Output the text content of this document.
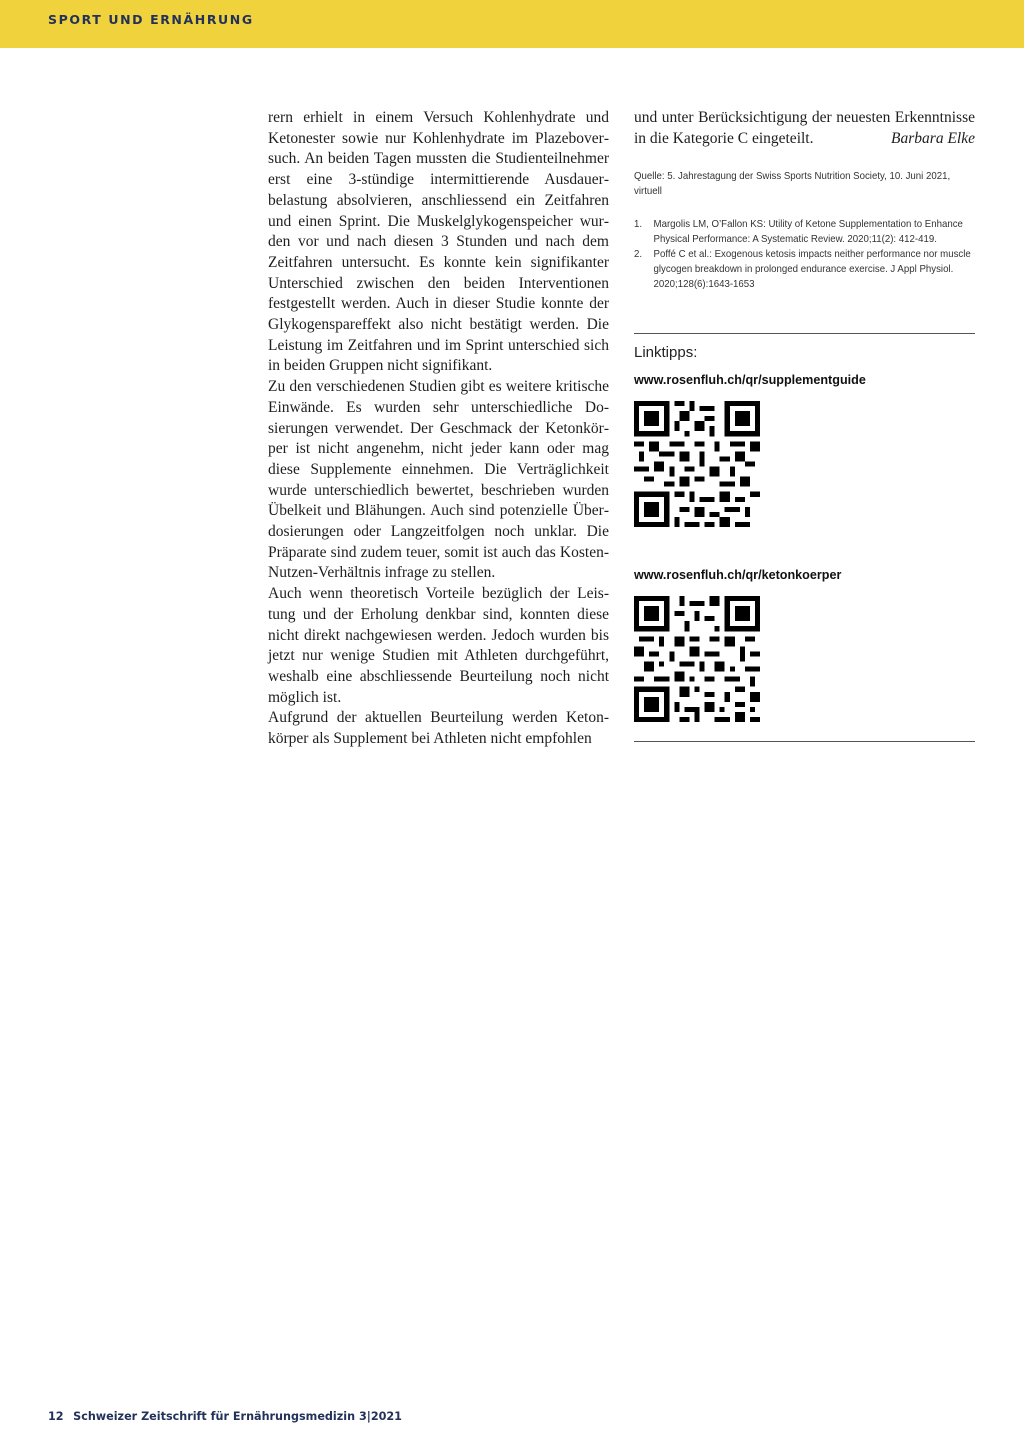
SPORT UND ERNÄHRUNG

rern erhielt in einem Versuch Kohlenhydrate und Ketonester sowie nur Kohlenhydrate im Plazeboversuch. An beiden Tagen mussten die Studienteilnehmer erst eine 3-stündige intermittierende Ausdauerbelastung absolvieren, anschliessend ein Zeitfahren und einen Sprint. Die Muskelglykogenspeicher wurden vor und nach diesen 3 Stunden und nach dem Zeitfahren untersucht. Es konnte kein signifikanter Unterschied zwischen den beiden Interventionen festgestellt werden. Auch in dieser Studie konnte der Glykogenspareffekt also nicht bestätigt werden. Die Leistung im Zeitfahren und im Sprint unterschied sich in beiden Gruppen nicht signifikant.

Zu den verschiedenen Studien gibt es weitere kritische Einwände. Es wurden sehr unterschiedliche Dosierungen verwendet. Der Geschmack der Ketonkörper ist nicht angenehm, nicht jeder kann oder mag diese Supplemente einnehmen. Die Verträglichkeit wurde unterschiedlich bewertet, beschrieben wurden Übelkeit und Blähungen. Auch sind potenzielle Überdosierungen oder Langzeitfolgen noch unklar. Die Präparate sind zudem teuer, somit ist auch das Kosten-Nutzen-Verhältnis infrage zu stellen.

Auch wenn theoretisch Vorteile bezüglich der Leistung und der Erholung denkbar sind, konnten diese nicht direkt nachgewiesen werden. Jedoch wurden bis jetzt nur wenige Studien mit Athleten durchgeführt, weshalb eine abschliessende Beurteilung noch nicht möglich ist.

Aufgrund der aktuellen Beurteilung werden Ketonkörper als Supplement bei Athleten nicht empfohlen

und unter Berücksichtigung der neuesten Erkenntnisse in die Kategorie C eingeteilt.	Barbara Elke

Quelle: 5. Jahrestagung der Swiss Sports Nutrition Society, 10. Juni 2021, virtuell

1. Margolis LM, O’Fallon KS: Utility of Ketone Supplementation to Enhance Physical Performance: A Systematic Review. 2020;11(2): 412-419.
2. Poffé C et al.: Exogenous ketosis impacts neither performance nor muscle glycogen breakdown in prolonged endurance exercise. J Appl Physiol. 2020;128(6):1643-1653
Linktipps:
www.rosenfluh.ch/qr/supplementguide
www.rosenfluh.ch/qr/ketonkoerper
12 Schweizer Zeitschrift für Ernährungsmedizin 3|2021
